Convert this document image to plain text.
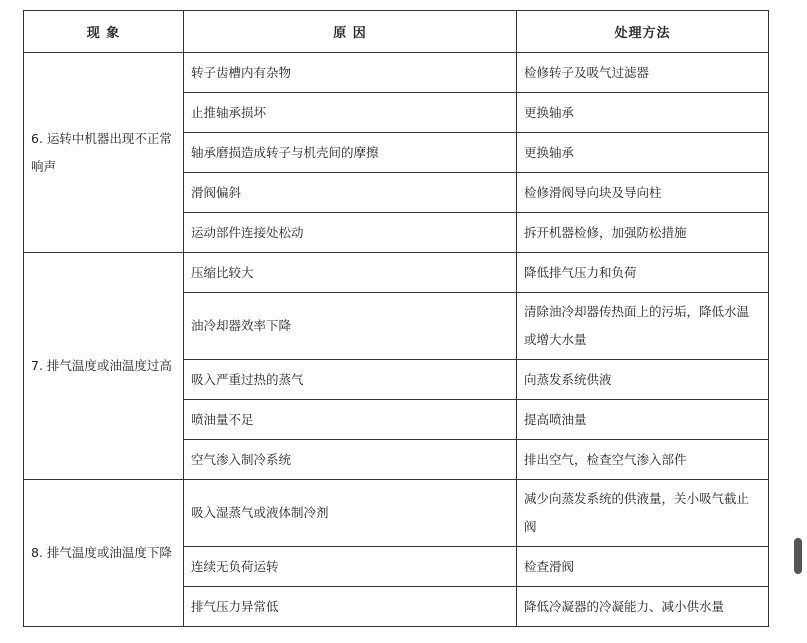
现 象	原 因	处理方法
6. 运转中机器出现不正常响声	转子齿槽内有杂物	检修转子及吸气过滤器
	止推轴承损坏	更换轴承
	轴承磨损造成转子与机壳间的摩擦	更换轴承
	滑阀偏斜	检修滑阀导向块及导向柱
	运动部件连接处松动	拆开机器检修，加强防松措施
7. 排气温度或油温度过高	压缩比较大	降低排气压力和负荷
	油冷却器效率下降	清除油冷却器传热面上的污垢，降低水温或增大水量
	吸入严重过热的蒸气	向蒸发系统供液
	喷油量不足	提高喷油量
	空气渗入制冷系统	排出空气，检查空气渗入部件
8. 排气温度或油温度下降	吸入湿蒸气或液体制冷剂	减少向蒸发系统的供液量，关小吸气截止阀
	连续无负荷运转	检查滑阀
	排气压力异常低	降低冷凝器的冷凝能力、减小供水量
